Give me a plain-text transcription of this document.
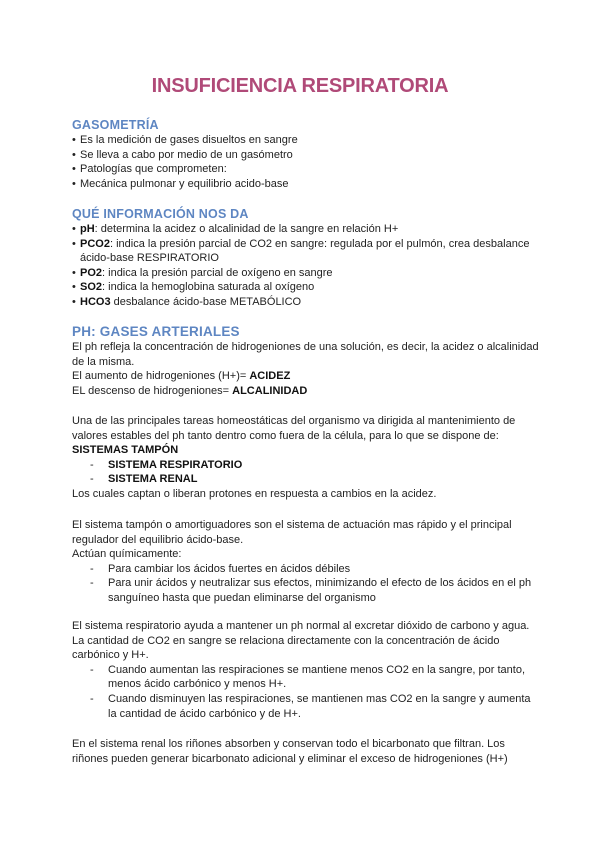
INSUFICIENCIA RESPIRATORIA
GASOMETRÍA
• Es la medición de gases disueltos en sangre
• Se lleva a cabo por medio de un gasómetro
• Patologías que comprometen:
• Mecánica pulmonar y equilibrio acido-base
QUÉ INFORMACIÓN NOS DA
• pH: determina la acidez o alcalinidad de la sangre en relación H+
• PCO2: indica la presión parcial de CO2 en sangre: regulada por el pulmón, crea desbalance ácido-base RESPIRATORIO
• PO2: indica la presión parcial de oxígeno en sangre
• SO2: indica la hemoglobina saturada al oxígeno
• HCO3 desbalance ácido-base METABÓLICO
PH: GASES ARTERIALES

El ph refleja la concentración de hidrogeniones de una solución, es decir, la acidez o alcalinidad de la misma.

El aumento de hidrogeniones (H+)= ACIDEZ

EL descenso de hidrogeniones= ALCALINIDAD

Una de las principales tareas homeostáticas del organismo va dirigida al mantenimiento de valores estables del ph tanto dentro como fuera de la célula, para lo que se dispone de:

SISTEMAS TAMPÓN

- SISTEMA RESPIRATORIO
- SISTEMA RENAL

Los cuales captan o liberan protones en respuesta a cambios en la acidez.

El sistema tampón o amortiguadores son el sistema de actuación mas rápido y el principal regulador del equilibrio ácido-base.

Actúan químicamente:

- Para cambiar los ácidos fuertes en ácidos débiles
- Para unir ácidos y neutralizar sus efectos, minimizando el efecto de los ácidos en el ph sanguíneo hasta que puedan eliminarse del organismo

El sistema respiratorio ayuda a mantener un ph normal al excretar dióxido de carbono y agua. La cantidad de CO2 en sangre se relaciona directamente con la concentración de ácido carbónico y H+.

- Cuando aumentan las respiraciones se mantiene menos CO2 en la sangre, por tanto, menos ácido carbónico y menos H+.
- Cuando disminuyen las respiraciones, se mantienen mas CO2 en la sangre y aumenta la cantidad de ácido carbónico y de H+.

En el sistema renal los riñones absorben y conservan todo el bicarbonato que filtran. Los riñones pueden generar bicarbonato adicional y eliminar el exceso de hidrogeniones (H+)
